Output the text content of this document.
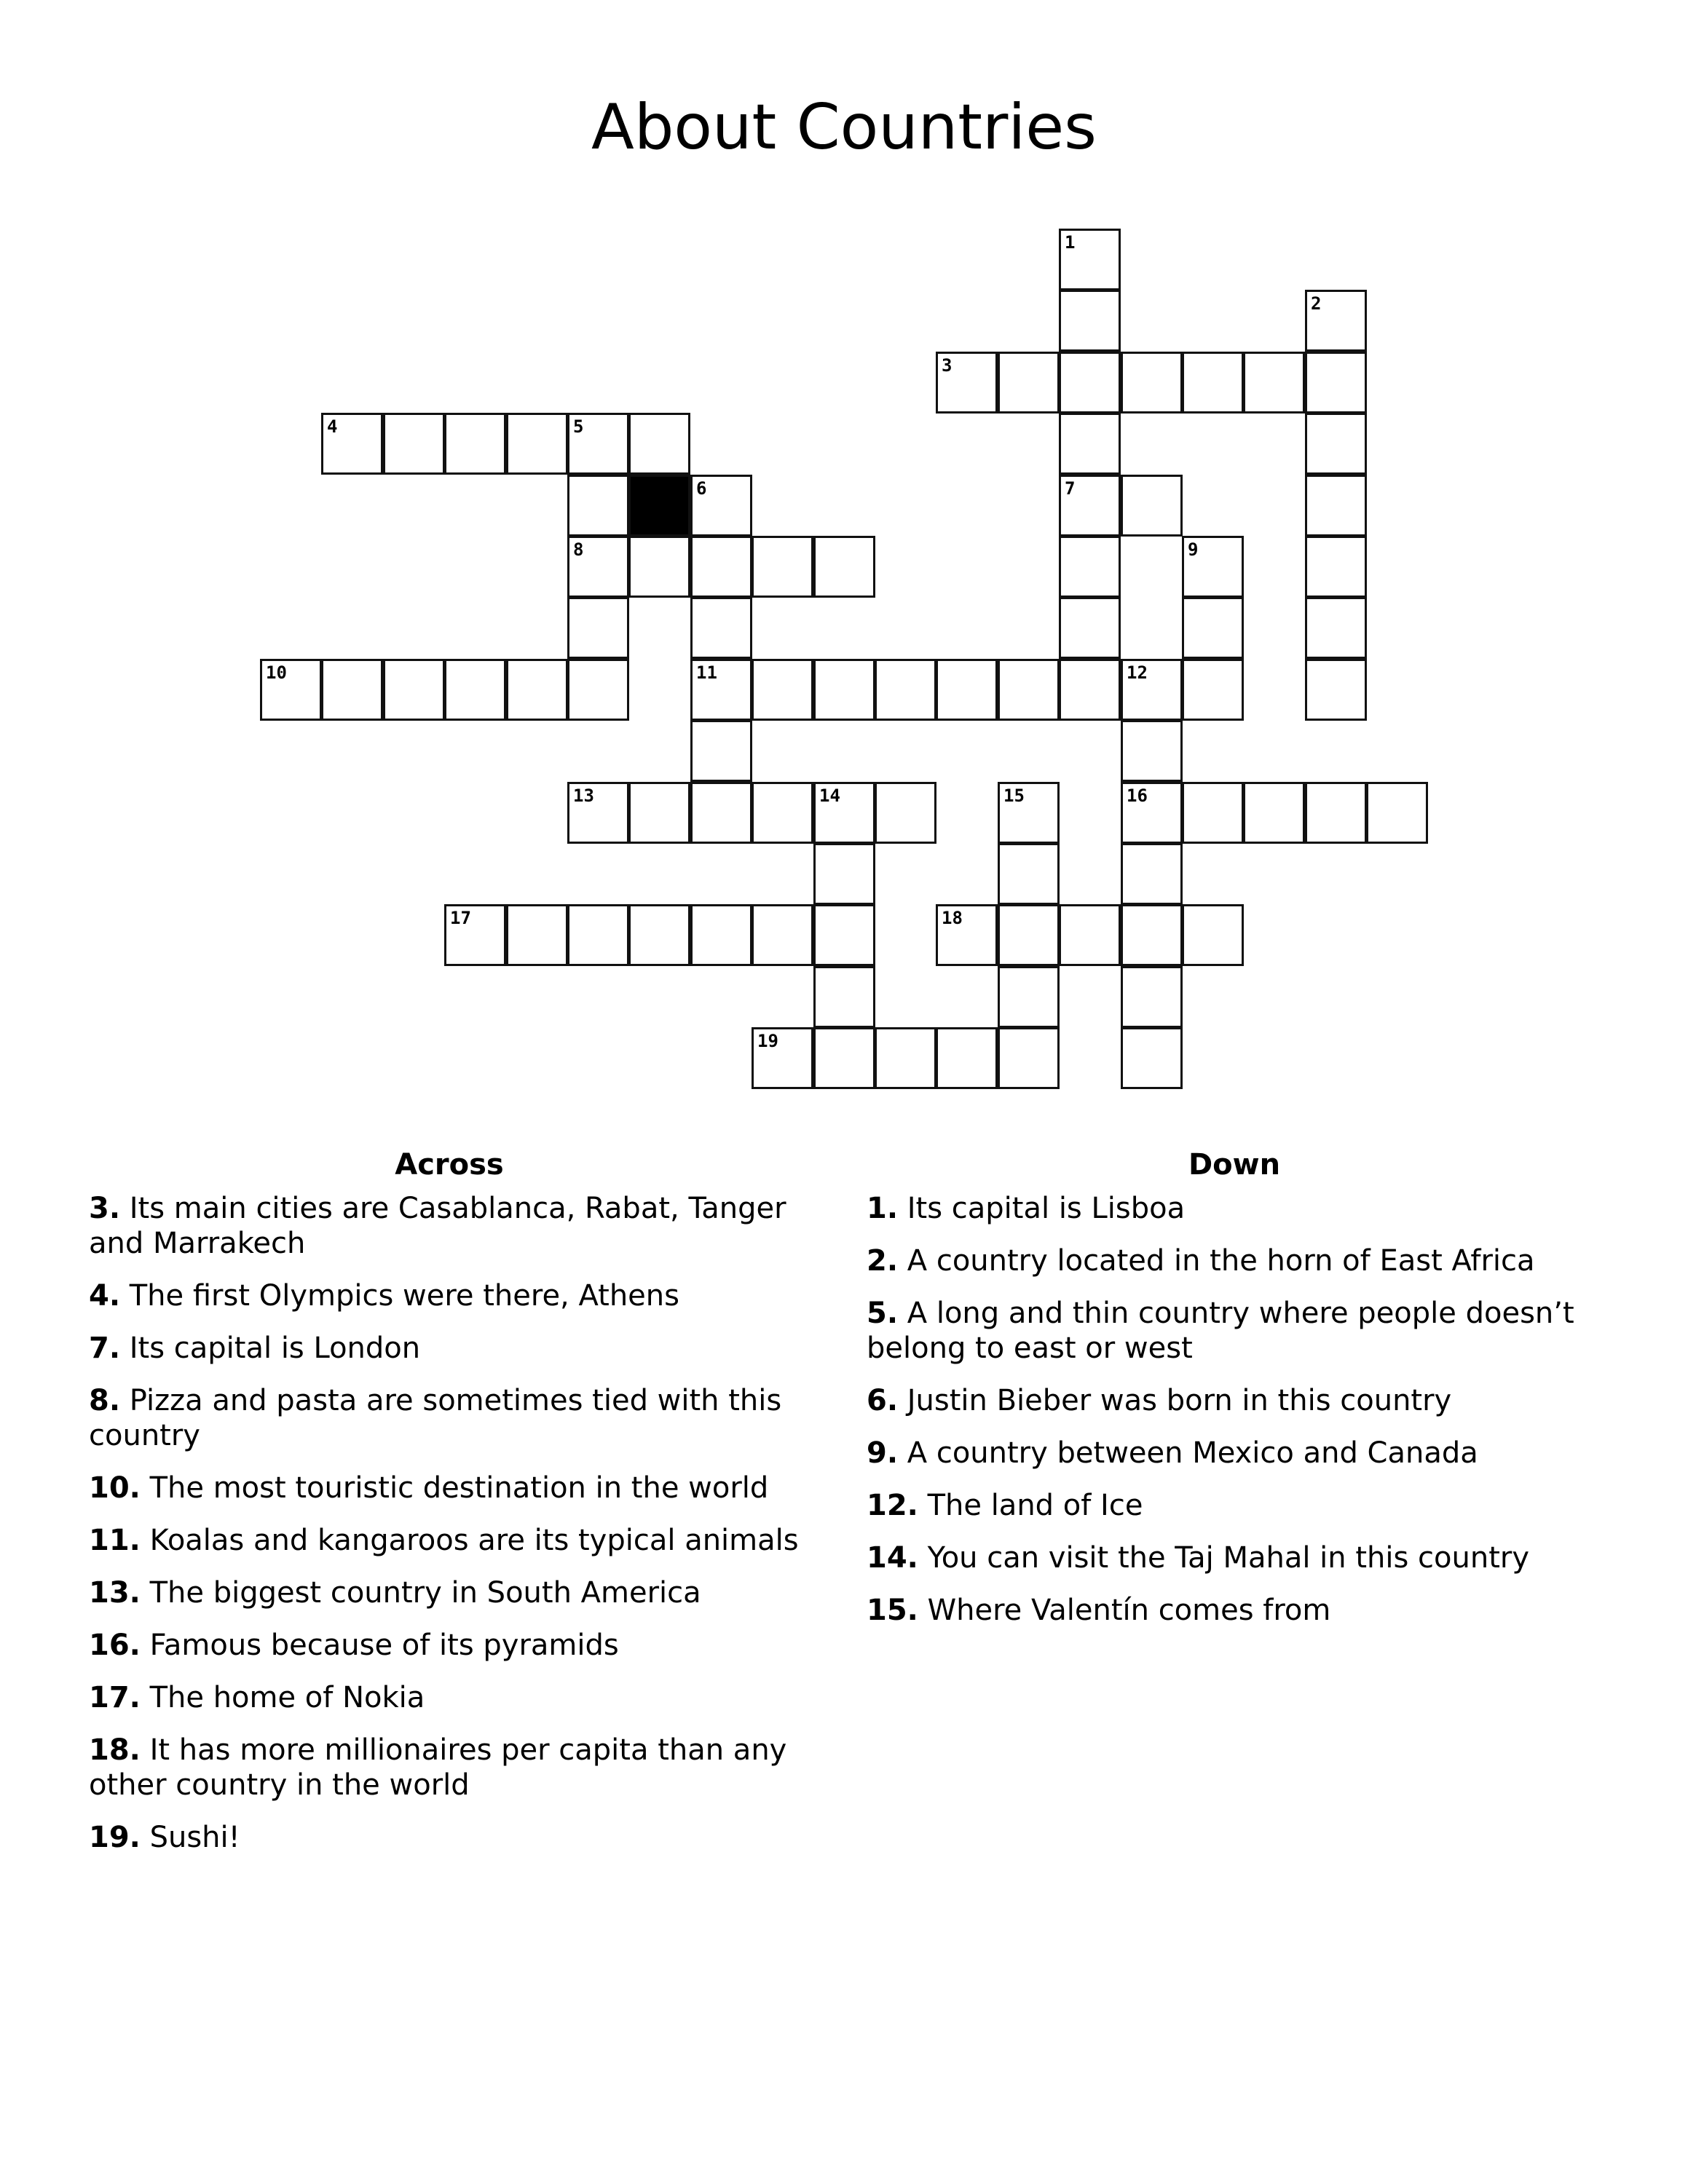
About Countries
1
2
3
4	5
6	7
8	9
10	11	12
13	14	15	16
17	18
19
Across
3. Its main cities are Casablanca, Rabat, Tanger and Marrakech
4. The first Olympics were there, Athens
7. Its capital is London
8. Pizza and pasta are sometimes tied with this country
10. The most touristic destination in the world
11. Koalas and kangaroos are its typical animals
13. The biggest country in South America
16. Famous because of its pyramids
17. The home of Nokia
18. It has more millionaires per capita than any other country in the world
19. Sushi!
Down
1. Its capital is Lisboa
2. A country located in the horn of East Africa
5. A long and thin country where people doesn’t belong to east or west
6. Justin Bieber was born in this country
9. A country between Mexico and Canada
12. The land of Ice
14. You can visit the Taj Mahal in this country
15. Where Valentín comes from
